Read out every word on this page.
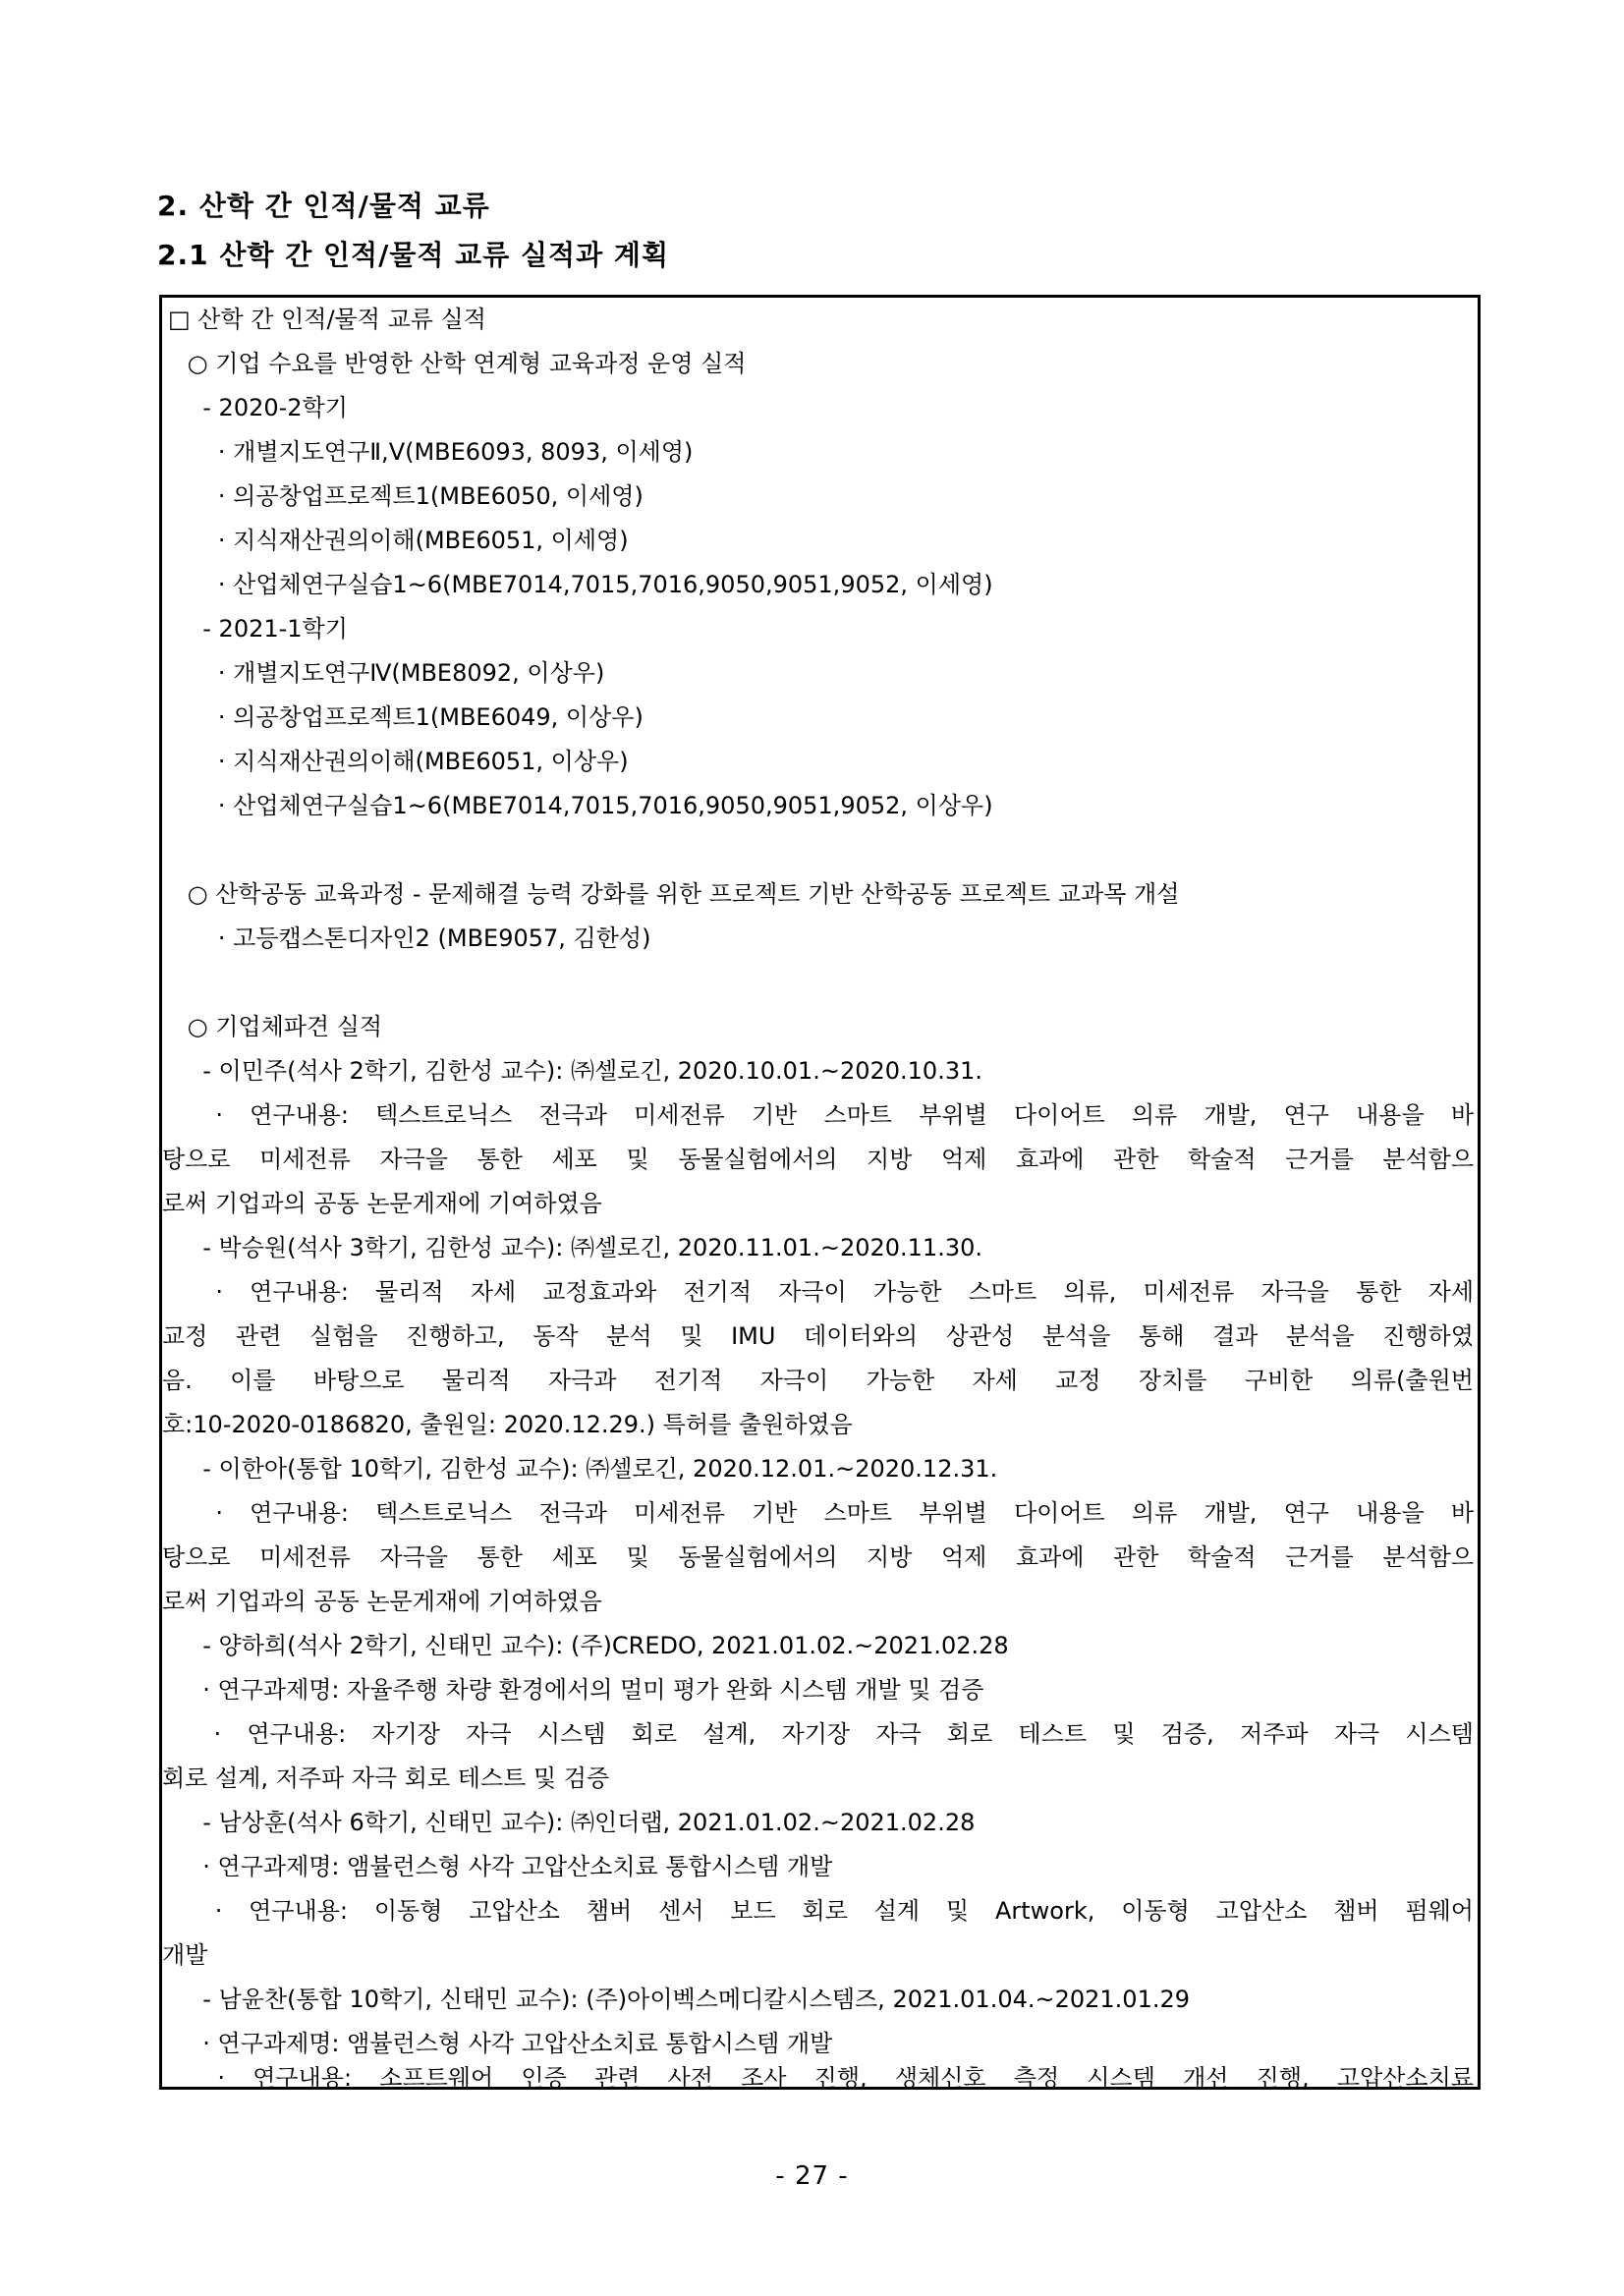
2. 산학 간 인적/물적 교류
2.1 산학 간 인적/물적 교류 실적과 계획
□ 산학 간 인적/물적 교류 실적
○ 기업 수요를 반영한 산학 연계형 교육과정 운영 실적
- 2020-2학기
· 개별지도연구Ⅱ,Ⅴ(MBE6093, 8093, 이세영)
· 의공창업프로젝트1(MBE6050, 이세영)
· 지식재산권의이해(MBE6051, 이세영)
· 산업체연구실습1~6(MBE7014,7015,7016,9050,9051,9052, 이세영)
- 2021-1학기
· 개별지도연구Ⅳ(MBE8092, 이상우)
· 의공창업프로젝트1(MBE6049, 이상우)
· 지식재산권의이해(MBE6051, 이상우)
· 산업체연구실습1~6(MBE7014,7015,7016,9050,9051,9052, 이상우)
○ 산학공동 교육과정 - 문제해결 능력 강화를 위한 프로젝트 기반 산학공동 프로젝트 교과목 개설
· 고등캡스톤디자인2 (MBE9057, 김한성)
○ 기업체파견 실적
- 이민주(석사 2학기, 김한성 교수): ㈜셀로긴, 2020.10.01.~2020.10.31.
· 연구내용: 텍스트로닉스 전극과 미세전류 기반 스마트 부위별 다이어트 의류 개발, 연구 내용을 바
탕으로 미세전류 자극을 통한 세포 및 동물실험에서의 지방 억제 효과에 관한 학술적 근거를 분석함으
로써 기업과의 공동 논문게재에 기여하였음
- 박승원(석사 3학기, 김한성 교수): ㈜셀로긴, 2020.11.01.~2020.11.30.
· 연구내용: 물리적 자세 교정효과와 전기적 자극이 가능한 스마트 의류, 미세전류 자극을 통한 자세
교정 관련 실험을 진행하고, 동작 분석 및 IMU 데이터와의 상관성 분석을 통해 결과 분석을 진행하였
음. 이를 바탕으로 물리적 자극과 전기적 자극이 가능한 자세 교정 장치를 구비한 의류(출원번
호:10-2020-0186820, 출원일: 2020.12.29.) 특허를 출원하였음
- 이한아(통합 10학기, 김한성 교수): ㈜셀로긴, 2020.12.01.~2020.12.31.
· 연구내용: 텍스트로닉스 전극과 미세전류 기반 스마트 부위별 다이어트 의류 개발, 연구 내용을 바
탕으로 미세전류 자극을 통한 세포 및 동물실험에서의 지방 억제 효과에 관한 학술적 근거를 분석함으
로써 기업과의 공동 논문게재에 기여하였음
- 양하희(석사 2학기, 신태민 교수): (주)CREDO, 2021.01.02.~2021.02.28
· 연구과제명: 자율주행 차량 환경에서의 멀미 평가 완화 시스템 개발 및 검증
· 연구내용: 자기장 자극 시스템 회로 설계, 자기장 자극 회로 테스트 및 검증, 저주파 자극 시스템
회로 설계, 저주파 자극 회로 테스트 및 검증
- 남상훈(석사 6학기, 신태민 교수): ㈜인더랩, 2021.01.02.~2021.02.28
· 연구과제명: 앰뷸런스형 사각 고압산소치료 통합시스템 개발
· 연구내용: 이동형 고압산소 챔버 센서 보드 회로 설계 및 Artwork, 이동형 고압산소 챔버 펌웨어
개발
- 남윤찬(통합 10학기, 신태민 교수): (주)아이벡스메디칼시스템즈, 2021.01.04.~2021.01.29
· 연구과제명: 앰뷸런스형 사각 고압산소치료 통합시스템 개발
· 연구내용: 소프트웨어 인증 관련 사전 조사 진행, 생체신호 측정 시스템 개선 진행, 고압산소치료
- 27 -
